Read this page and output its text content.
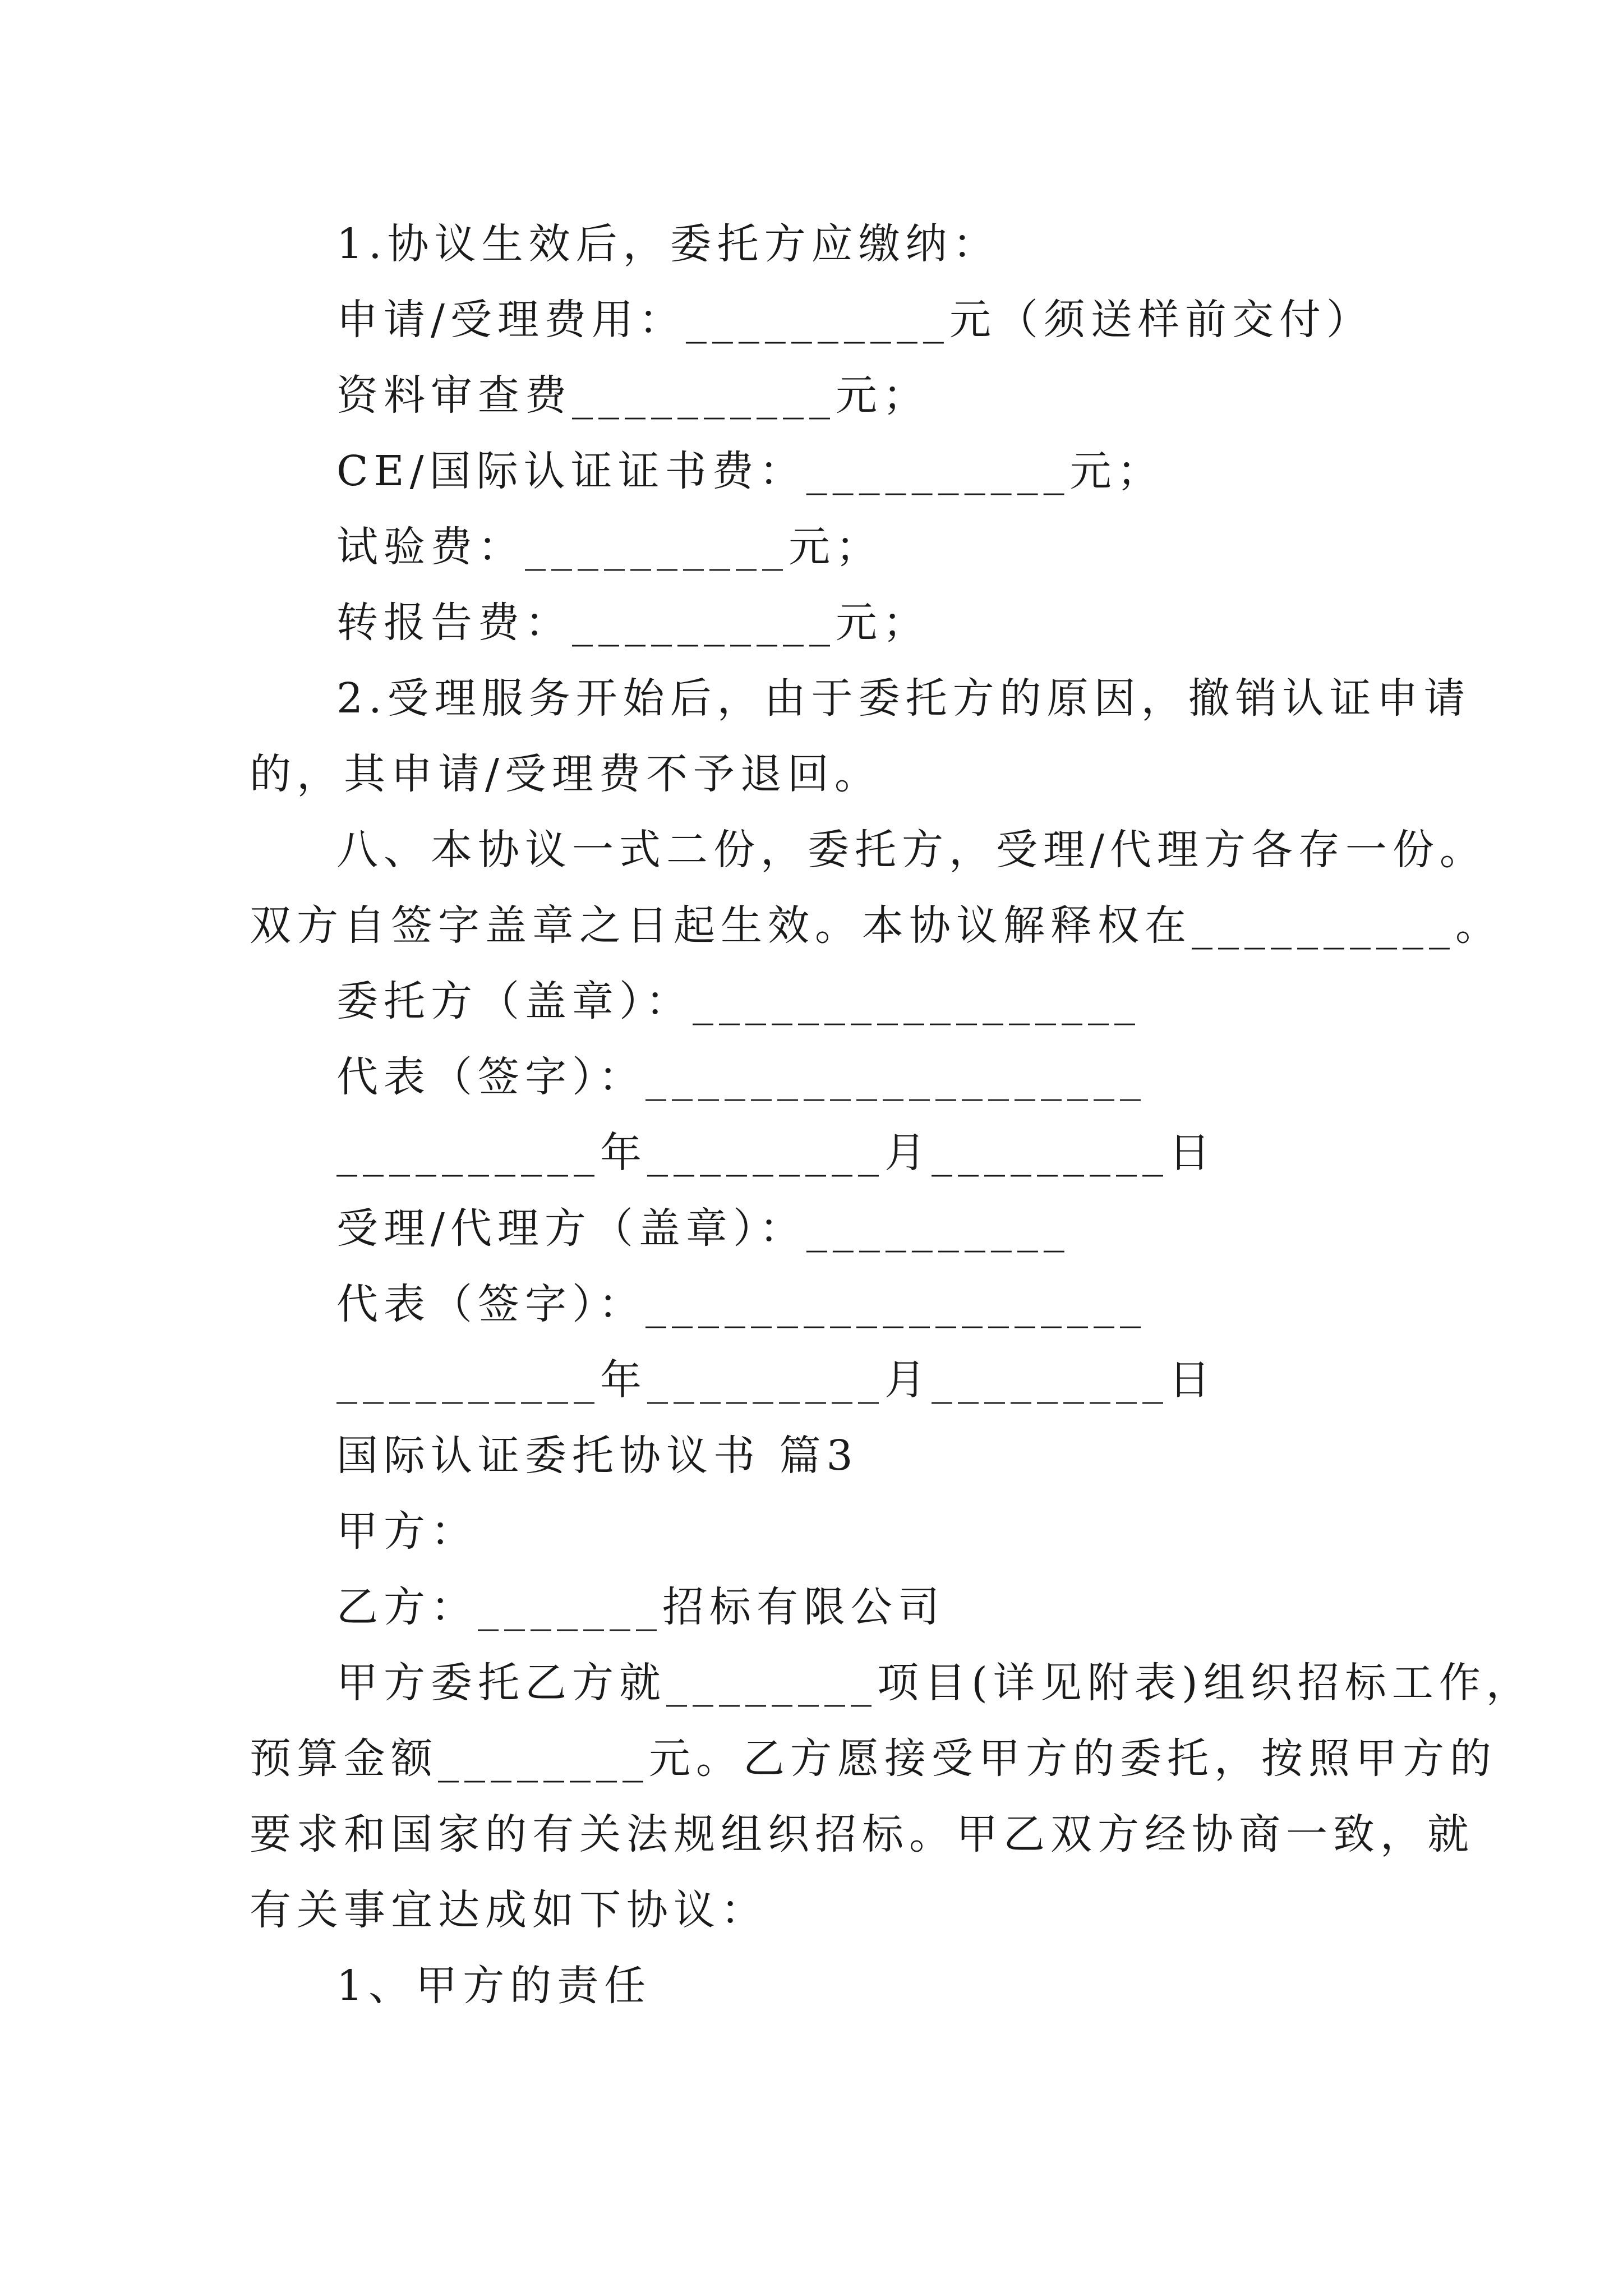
1.协议生效后，委托方应缴纳：
申请/受理费用：__________元（须送样前交付）
资料审查费__________元；
CE/国际认证证书费：__________元；
试验费：__________元；
转报告费：__________元；
2.受理服务开始后，由于委托方的原因，撤销认证申请
的，其申请/受理费不予退回。
八、本协议一式二份，委托方，受理/代理方各存一份。
双方自签字盖章之日起生效。本协议解释权在__________。
委托方（盖章）：_________________
代表（签字）：___________________
__________年_________月_________日
受理/代理方（盖章）：__________
代表（签字）：___________________
__________年_________月_________日
国际认证委托协议书 篇3
甲方：
乙方：_______招标有限公司
甲方委托乙方就________项目(详见附表)组织招标工作，
预算金额________元。乙方愿接受甲方的委托，按照甲方的
要求和国家的有关法规组织招标。甲乙双方经协商一致，就
有关事宜达成如下协议：
1、甲方的责任
